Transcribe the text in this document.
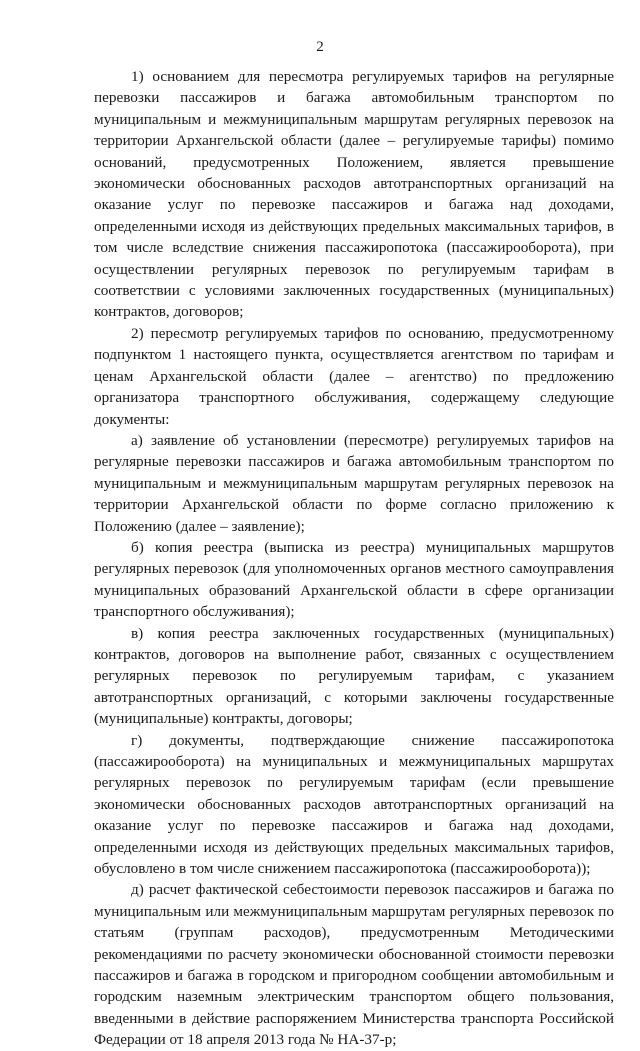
2

1) основанием для пересмотра регулируемых тарифов на регулярные перевозки пассажиров и багажа автомобильным транспортом по муниципальным и межмуниципальным маршрутам регулярных перевозок на территории Архангельской области (далее – регулируемые тарифы) помимо оснований, предусмотренных Положением, является превышение экономически обоснованных расходов автотранспортных организаций на оказание услуг по перевозке пассажиров и багажа над доходами, определенными исходя из действующих предельных максимальных тарифов, в том числе вследствие снижения пассажиропотока (пассажирооборота), при осуществлении регулярных перевозок по регулируемым тарифам в соответствии с условиями заключенных государственных (муниципальных) контрактов, договоров;

2) пересмотр регулируемых тарифов по основанию, предусмотренному подпунктом 1 настоящего пункта, осуществляется агентством по тарифам и ценам Архангельской области (далее – агентство) по предложению организатора транспортного обслуживания, содержащему следующие документы:

а) заявление об установлении (пересмотре) регулируемых тарифов на регулярные перевозки пассажиров и багажа автомобильным транспортом по муниципальным и межмуниципальным маршрутам регулярных перевозок на территории Архангельской области по форме согласно приложению к Положению (далее – заявление);

б) копия реестра (выписка из реестра) муниципальных маршрутов регулярных перевозок (для уполномоченных органов местного самоуправления муниципальных образований Архангельской области в сфере организации транспортного обслуживания);

в) копия реестра заключенных государственных (муниципальных) контрактов, договоров на выполнение работ, связанных с осуществлением регулярных перевозок по регулируемым тарифам, с указанием автотранспортных организаций, с которыми заключены государственные (муниципальные) контракты, договоры;

г) документы, подтверждающие снижение пассажиропотока (пассажирооборота) на муниципальных и межмуниципальных маршрутах регулярных перевозок по регулируемым тарифам (если превышение экономически обоснованных расходов автотранспортных организаций на оказание услуг по перевозке пассажиров и багажа над доходами, определенными исходя из действующих предельных максимальных тарифов, обусловлено в том числе снижением пассажиропотока (пассажирооборота));

д) расчет фактической себестоимости перевозок пассажиров и багажа по муниципальным или межмуниципальным маршрутам регулярных перевозок по статьям (группам расходов), предусмотренным Методическими рекомендациями по расчету экономически обоснованной стоимости перевозки пассажиров и багажа в городском и пригородном сообщении автомобильным и городским наземным электрическим транспортом общего пользования, введенными в действие распоряжением Министерства транспорта Российской Федерации от 18 апреля 2013 года № НА-37-р;
